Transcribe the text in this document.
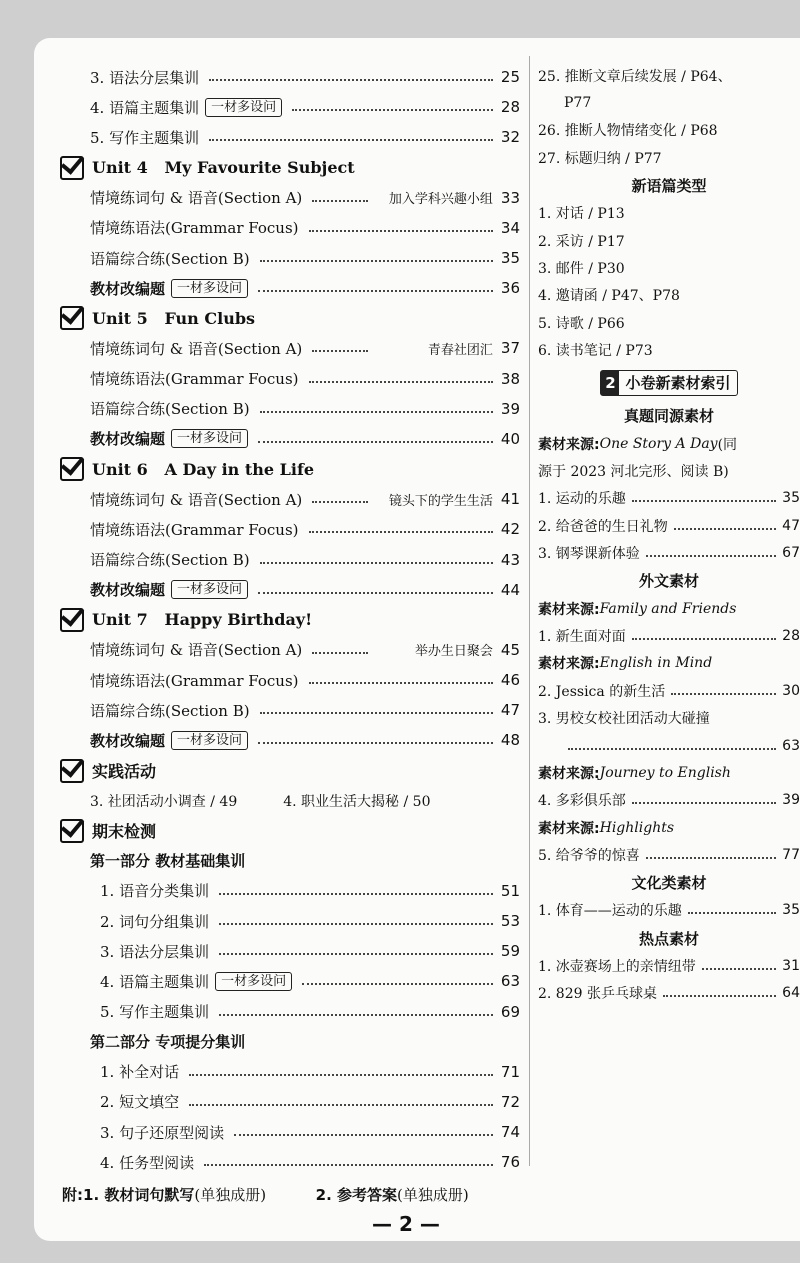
3. 语法分层集训	25
4. 语篇主题集训 一材多设问	28
5. 写作主题集训	32
Unit 4   My Favourite Subject
情境练词句 & 语音(Section A)	加入学科兴趣小组 33
情境练语法(Grammar Focus)	34
语篇综合练(Section B)	35
教材改编题 一材多设问	36
Unit 5   Fun Clubs
情境练词句 & 语音(Section A)	青春社团汇 37
情境练语法(Grammar Focus)	38
语篇综合练(Section B)	39
教材改编题 一材多设问	40
Unit 6   A Day in the Life
情境练词句 & 语音(Section A)	镜头下的学生生活 41
情境练语法(Grammar Focus)	42
语篇综合练(Section B)	43
教材改编题 一材多设问	44
Unit 7   Happy Birthday!
情境练词句 & 语音(Section A)	举办生日聚会 45
情境练语法(Grammar Focus)	46
语篇综合练(Section B)	47
教材改编题 一材多设问	48
实践活动
3. 社团活动小调查 / 49	4. 职业生活大揭秘 / 50
期末检测
第一部分 教材基础集训
1. 语音分类集训	51
2. 词句分组集训	53
3. 语法分层集训	59
4. 语篇主题集训 一材多设问	63
5. 写作主题集训	69
第二部分 专项提分集训
1. 补全对话	71
2. 短文填空	72
3. 句子还原型阅读	74
4. 任务型阅读	76
25. 推断文章后续发展 / P64、
P77
26. 推断人物情绪变化 / P68
27. 标题归纳 / P77
新语篇类型
1. 对话 / P13
2. 采访 / P17
3. 邮件 / P30
4. 邀请函 / P47、P78
5. 诗歌 / P66
6. 读书笔记 / P73
2 小卷新素材索引
真题同源素材
素材来源: One Story A Day (同
源于 2023 河北完形、阅读 B)
1. 运动的乐趣	35
2. 给爸爸的生日礼物	47
3. 钢琴课新体验	67
外文素材
素材来源: Family and Friends
1. 新生面对面	28
素材来源: English in Mind
2. Jessica 的新生活	30
3. 男校女校社团活动大碰撞
63
素材来源: Journey to English
4. 多彩俱乐部	39
素材来源: Highlights
5. 给爷爷的惊喜	77
文化类素材
1. 体育——运动的乐趣	35
热点素材
1. 冰壶赛场上的亲情纽带	31
2. 829 张乒乓球桌	64
附:1. 教材词句默写(单独成册)	2. 参考答案(单独成册)
— 2 —
